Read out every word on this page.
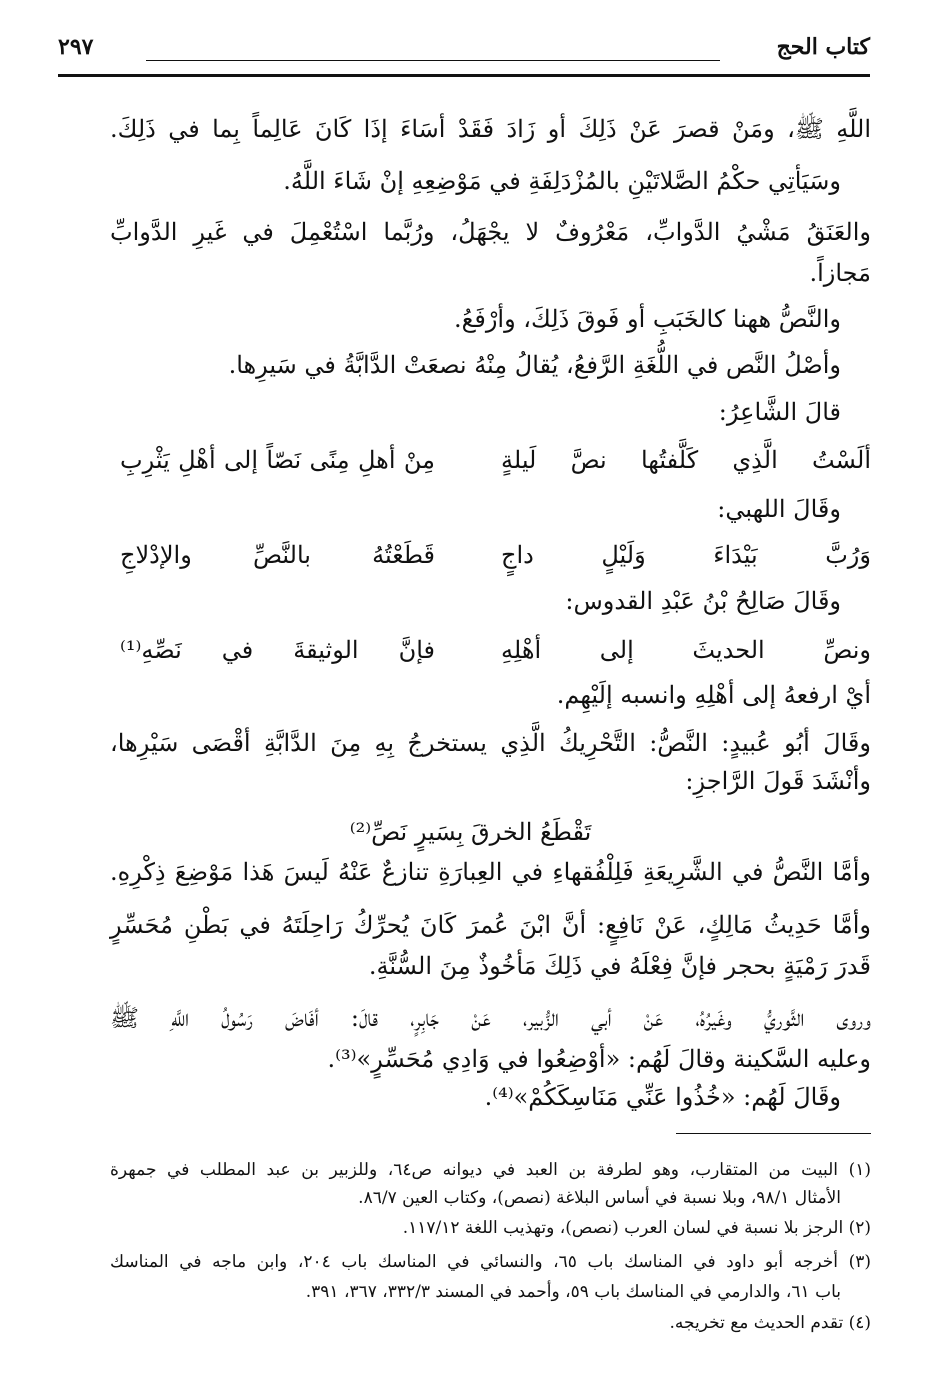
كتاب الحج
٢٩٧
اللَّهِ ﷺ، ومَنْ قصرَ عَنْ ذَلِكَ أو زَادَ فَقَدْ أسَاءَ إذَا كَانَ عَالِماً بِما في ذَلِكَ.
وسَيَأتِي حكْمُ الصَّلاتَيْنِ بالمُزْدَلِفَةِ في مَوْضِعِهِ إنْ شَاءَ اللَّهُ.
والعَنَقُ مَشْيُ الدَّوابِّ، مَعْرُوفٌ لا يجْهَلُ، ورُبَّما اسْتُعْمِلَ في غَيرِ الدَّوابِّ
مَجازاً.
والنَّصُّ ههنا كالخَبَبِ أو فَوقَ ذَلِكَ، وأرْفَعُ.
وأصْلُ النَّص في اللُّغَةِ الرَّفعُ، يُقالُ مِنْهُ نصعَتْ الدَّابَّةُ في سَيرِها.
قالَ الشَّاعِرُ:
ألَسْتُ الَّذِي كَلَّفتُها نصَّ لَيلةٍ
مِنْ أهلِ مِنًى نَصّاً إلى أهْلِ يَثْرِبِ
وقَالَ اللهبي:
وَرُبَّ بَيْدَاءَ وَلَيْلٍ داجٍ
قَطَعْتُهُ بالنَّصِّ والإدْلاجِ
وقَالَ صَالِحُ بْنُ عَبْدِ القدوس:
ونصِّ الحديثَ إلى أهْلِهِ
فإنَّ الوثيقةَ في نَصِّهِ⁽¹⁾
أيْ ارفعهُ إلى أهْلِهِ وانسبه إلَيْهِم.
وقَالَ أبُو عُبيدٍ: النَّصُّ: التَّحْرِيكُ الَّذِي يستخرجُ بِهِ مِنَ الدَّابَّةِ أقْصَى سَيْرِها،
وأنْشَدَ قَولَ الرَّاجزِ:
تَقْطَعُ الخرقَ بِسَيرٍ نَصِّ⁽²⁾
وأمَّا النَّصُّ في الشَّرِيعَةِ فَلِلْفُقهاءِ في العِبارَةِ تنازعٌ عَنْهُ لَيسَ هَذا مَوْضِعَ ذِكْرِهِ.
وأمَّا حَدِيثُ مَالِكٍ، عَنْ نَافِعٍ: أنَّ ابْنَ عُمرَ كَانَ يُحرِّكُ رَاحِلَتَهُ في بَطْنِ مُحَسِّرٍ
قَدرَ رَمْيَةٍ بحجر فإنَّ فِعْلَهُ في ذَلِكَ مَأخُوذٌ مِنَ السُّنَّةِ.
وروى الثَّوريُّ وغَيرُهُ، عَنْ أبي الزُّبير، عَنْ جَابِرٍ، قالَ: أفَاضَ رَسُولُ اللَّهِ ﷺ
وعليه السَّكينة وقالَ لَهُم: «أوْضِعُوا في وَادِي مُحَسِّرٍ»⁽³⁾.
وقَالَ لَهُم: «خُذُوا عَنِّي مَنَاسِكَكُمْ»⁽⁴⁾.
(١) البيت من المتقارب، وهو لطرفة بن العبد في ديوانه ص٦٤، وللزبير بن عبد المطلب في جمهرة
الأمثال ٩٨/١، وبلا نسبة في أساس البلاغة (نصص)، وكتاب العين ٨٦/٧.
(٢) الرجز بلا نسبة في لسان العرب (نصص)، وتهذيب اللغة ١١٧/١٢.
(٣) أخرجه أبو داود في المناسك باب ٦٥، والنسائي في المناسك باب ٢٠٤، وابن ماجه في المناسك
باب ٦١، والدارمي في المناسك باب ٥٩، وأحمد في المسند ٣٣٢/٣، ٣٦٧، ٣٩١.
(٤) تقدم الحديث مع تخريجه.
